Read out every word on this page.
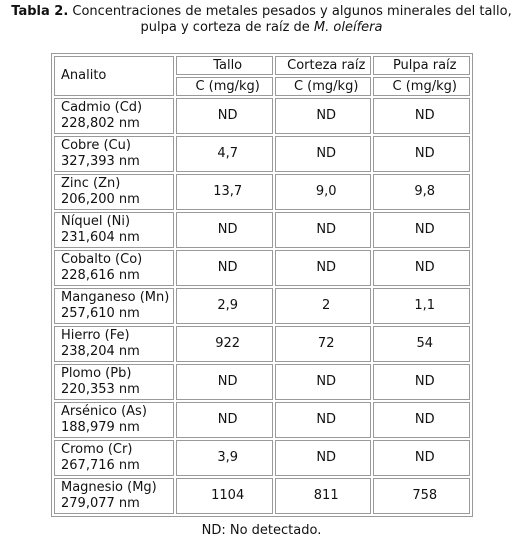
Tabla 2. Concentraciones de metales pesados y algunos minerales del tallo,
pulpa y corteza de raíz de M. oleífera
Analito	Tallo	Corteza raíz	Pulpa raíz
	C (mg/kg)	C (mg/kg)	C (mg/kg)
Cadmio (Cd)
228,802 nm	ND	ND	ND
Cobre (Cu)
327,393 nm	4,7	ND	ND
Zinc (Zn)
206,200 nm	13,7	9,0	9,8
Níquel (Ni)
231,604 nm	ND	ND	ND
Cobalto (Co)
228,616 nm	ND	ND	ND
Manganeso (Mn)
257,610 nm	2,9	2	1,1
Hierro (Fe)
238,204 nm	922	72	54
Plomo (Pb)
220,353 nm	ND	ND	ND
Arsénico (As)
188,979 nm	ND	ND	ND
Cromo (Cr)
267,716 nm	3,9	ND	ND
Magnesio (Mg)
279,077 nm	1104	811	758
ND: No detectado.
